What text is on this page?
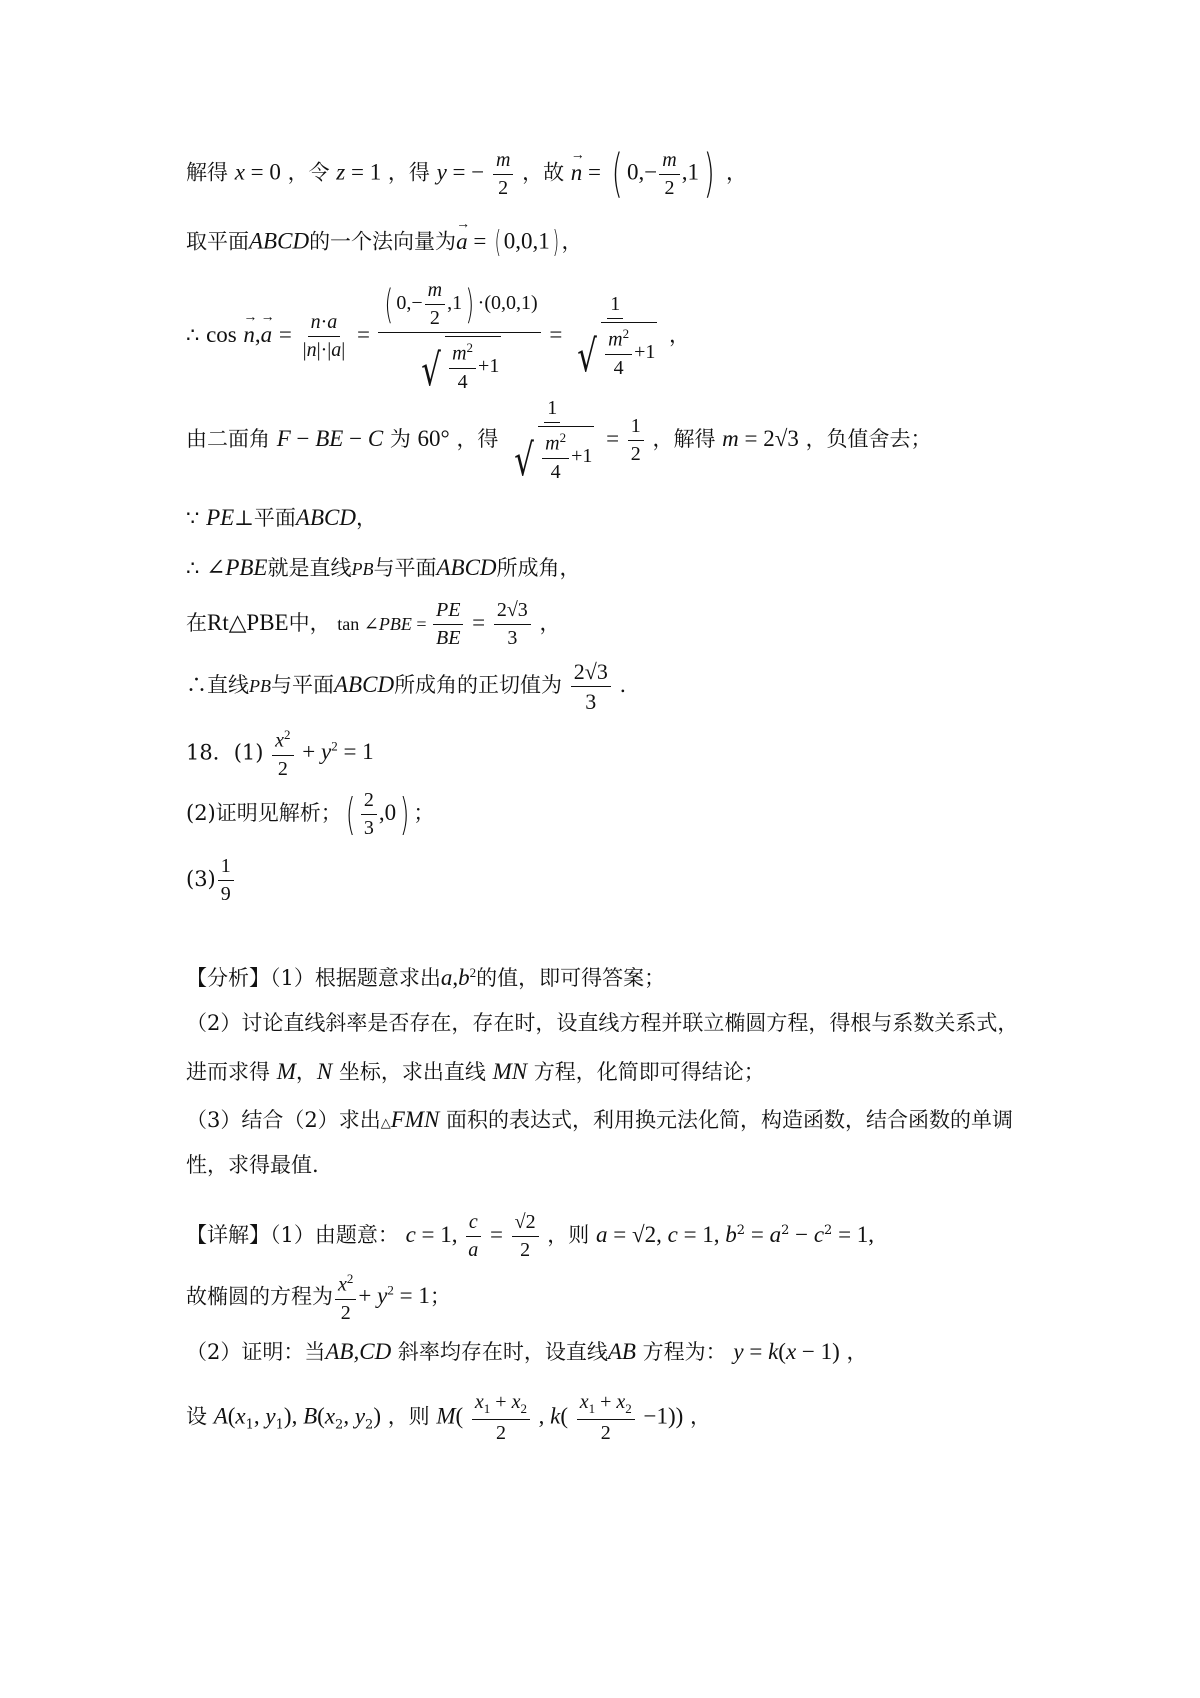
解得 x = 0 ，令 z = 1 ，得 y = − $\frac{m}{2}$ ，故 → n = ( $0,- \frac{m}{2} ,1$) ，
取平面ABCD的一个法向量为→ a = ( 0,0,1) ，
∴ $\cos \to n,\to a = \frac{n\cdot a}{|n|\cdot|a|} = \frac{( 0,- \frac{m}{2} ,1) \cdot(0,0,1)}{√ \frac{m^2}{4} +1} = \frac{1}{√ \frac{m^2}{4} +1}$ ，
由二面角 F − BE − C 为 60° ，得 $\frac{1}{√ \frac{m^2}{4} +1} = \frac{1}{2}$ ，解得 m = 2√3 ，负值舍去；
∵ PE⊥平面ABCD，
∴ ∠PBE就是直线PB与平面ABCD所成角，
在Rt△PBE中， tan ∠PBE = $\frac{PE}{BE} = \frac{2√3}{3}$ ，
∴直线PB与平面ABCD所成角的正切值为 $\frac{2√3}{3}$ .
18．$(1) \frac{x^2}{2} + y^2 = 1$
(2)证明见解析；( $\frac{2}{3} ,0$) ；
$(3) \frac{1}{9}$
【分析】（1）根据题意求出$a,b^2$的值，即可得答案；
（2）讨论直线斜率是否存在，存在时，设直线方程并联立椭圆方程，得根与系数关系式，
进而求得 M，N 坐标，求出直线 MN 方程，化简即可得结论；
（3）结合（2）求出△FMN 面积的表达式，利用换元法化简，构造函数，结合函数的单调
性，求得最值.
【详解】（1）由题意： c = 1, $\frac{c}{a} = \frac{√2}{2}$ ，则 a = √2, c = 1, $b^2 = a^2 - c^2 = 1$,
故椭圆的方程为 $\frac{x^2}{2} + y^2 = 1$；
（2）证明：当AB,CD 斜率均存在时，设直线AB 方程为： y = k(x − 1) ，
设 $A(x_1$, $y_1$), $B(x_2$, $y_2$) ，则 $M( \frac{x_1 + x_2}{2}$ , $k( \frac{x_1 + x_2}{2} -1)$) ，
